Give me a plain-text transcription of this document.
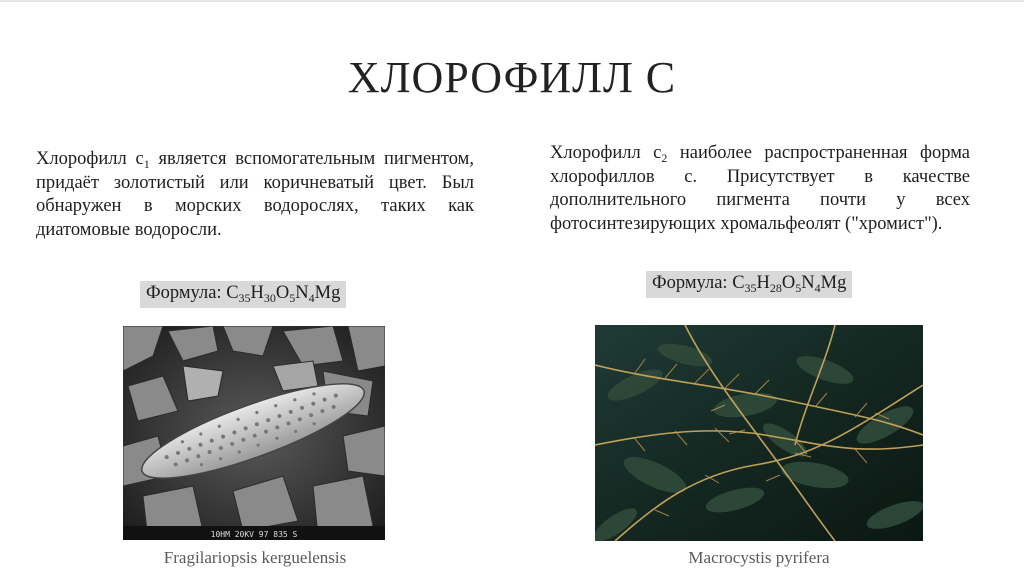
ХЛОРОФИЛЛ С
Хлорофилл $c_1$ является вспомогательным пигментом, придаёт золотистый или коричневатый цвет. Был обнаружен в морских водорослях, таких как диатомовые водоросли.
Формула: $C_{35}H_{30}O_5N_4Mg$
10НМ 20KV 97 835 S
Fragilariopsis kerguelensis
Хлорофилл $c_2$ наиболее распространенная форма хлорофиллов c. Присутствует в качестве дополнительного пигмента почти у всех фотосинтезирующих хромальфеолят ("хромист").
Формула: $C_{35}H_{28}O_5N_4Mg$
Macrocystis pyrifera
